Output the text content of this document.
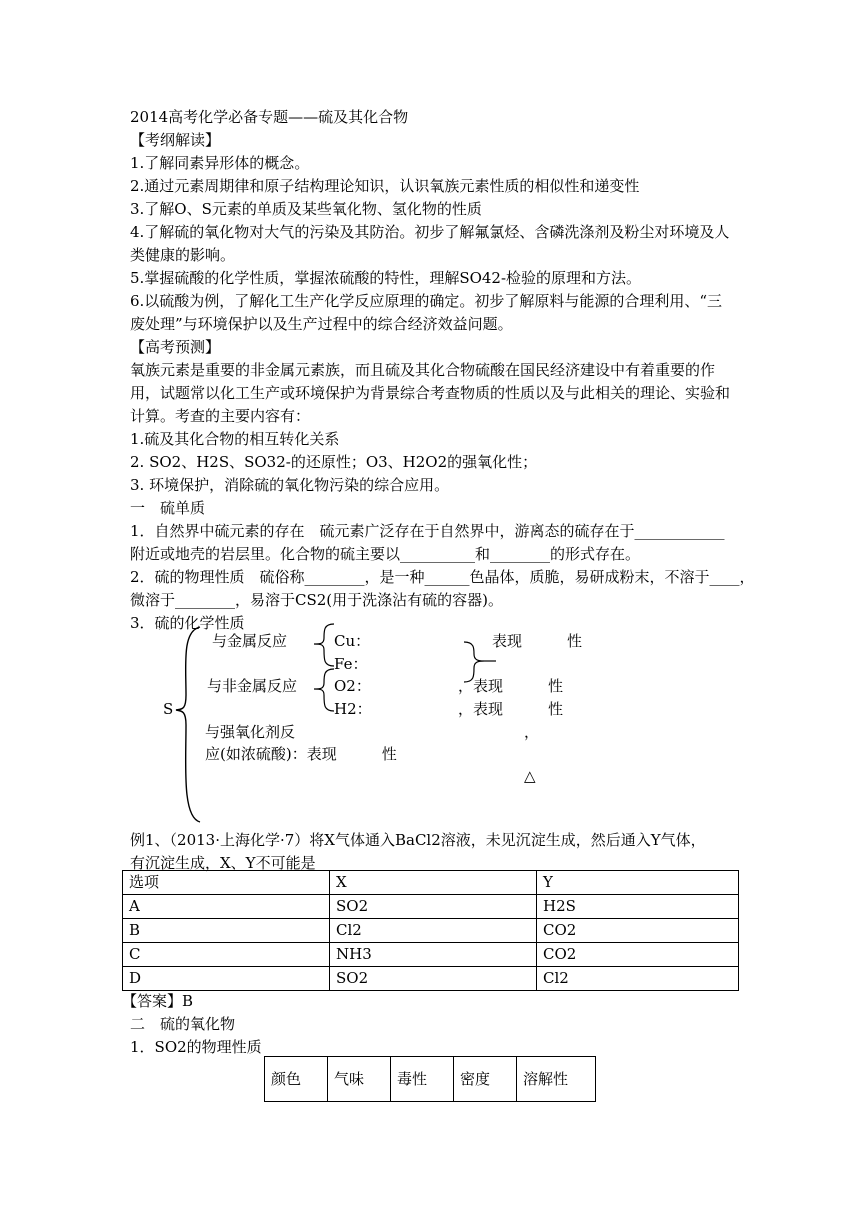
2014高考化学必备专题——硫及其化合物
【考纲解读】
1.了解同素异形体的概念。
2.通过元素周期律和原子结构理论知识，认识氧族元素性质的相似性和递变性
3.了解O、S元素的单质及某些氧化物、氢化物的性质
4.了解硫的氧化物对大气的污染及其防治。初步了解氟氯烃、含磷洗涤剂及粉尘对环境及人
类健康的影响。
5.掌握硫酸的化学性质，掌握浓硫酸的特性，理解SO42-检验的原理和方法。
6.以硫酸为例，了解化工生产化学反应原理的确定。初步了解原料与能源的合理利用、“三
废处理”与环境保护以及生产过程中的综合经济效益问题。
【高考预测】
氧族元素是重要的非金属元素族，而且硫及其化合物硫酸在国民经济建设中有着重要的作
用，试题常以化工生产或环境保护为背景综合考查物质的性质以及与此相关的理论、实验和
计算。考查的主要内容有：
1.硫及其化合物的相互转化关系
2. SO2、H2S、SO32-的还原性；O3、H2O2的强氧化性；
3. 环境保护，消除硫的氧化物污染的综合应用。
一　硫单质
1．自然界中硫元素的存在　硫元素广泛存在于自然界中，游离态的硫存在于____________
附近或地壳的岩层里。化合物的硫主要以__________和________的形式存在。
2．硫的物理性质　硫俗称________，是一种______色晶体，质脆，易研成粉末，不溶于____，
微溶于________，易溶于CS2(用于洗涤沾有硫的容器)。
3．硫的化学性质
S
与金属反应
与非金属反应
与强氧化剂反
应(如浓硫酸)：表现　　　性
Cu：
Fe：
O2：
H2：
表现　　　性
，表现　　　性
，表现　　　性
，
△
例1、（2013·上海化学·7）将X气体通入BaCl2溶液，未见沉淀生成，然后通入Y气体，
有沉淀生成，X、Y不可能是
选项	X	Y
A	SO2	H2S
B	Cl2	CO2
C	NH3	CO2
D	SO2	Cl2
【答案】B
二　硫的氧化物
1．SO2的物理性质
颜色	气味	毒性	密度	溶解性
